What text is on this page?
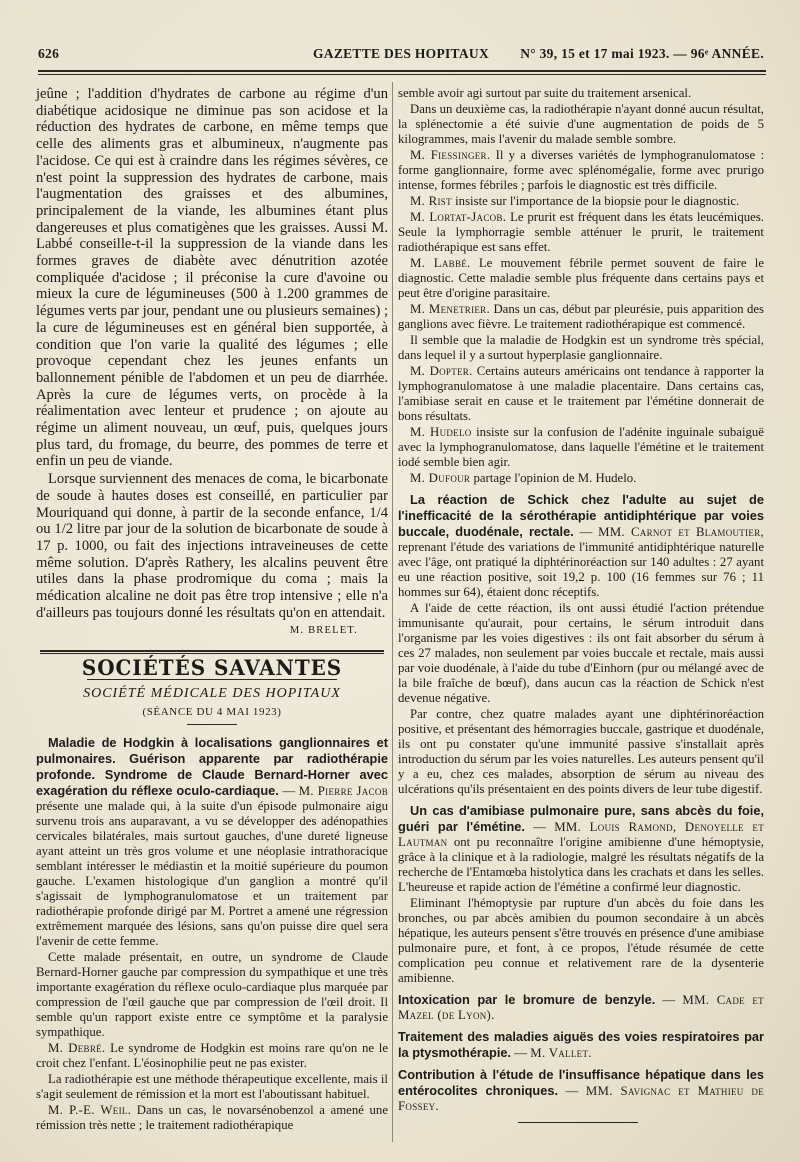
626	GAZETTE DES HOPITAUX	N° 39, 15 et 17 mai 1923. — 96ᵉ ANNÉE.

jeûne ; l'addition d'hydrates de carbone au régime d'un diabétique acidosique ne diminue pas son acidose et la réduction des hydrates de carbone, en même temps que celle des aliments gras et albumineux, n'augmente pas l'acidose. Ce qui est à craindre dans les régimes sévères, ce n'est point la suppression des hydrates de carbone, mais l'augmentation des graisses et des albumines, principalement de la viande, les albumines étant plus dangereuses et plus comatigènes que les graisses. Aussi M. Labbé conseille-t-il la suppression de la viande dans les formes graves de diabète avec dénutrition azotée compliquée d'acidose ; il préconise la cure d'avoine ou mieux la cure de légumineuses (500 à 1.200 grammes de légumes verts par jour, pendant une ou plusieurs semaines) ; la cure de légumineuses est en général bien supportée, à condition que l'on varie la qualité des légumes ; elle provoque cependant chez les jeunes enfants un ballonnement pénible de l'abdomen et un peu de diarrhée. Après la cure de légumes verts, on procède à la réalimentation avec lenteur et prudence ; on ajoute au régime un aliment nouveau, un œuf, puis, quelques jours plus tard, du fromage, du beurre, des pommes de terre et enfin un peu de viande.

Lorsque surviennent des menaces de coma, le bicarbonate de soude à hautes doses est conseillé, en particulier par Mouriquand qui donne, à partir de la seconde enfance, 1/4 ou 1/2 litre par jour de la solution de bicarbonate de soude à 17 p. 1000, ou fait des injections intraveineuses de cette même solution. D'après Rathery, les alcalins peuvent être utiles dans la phase prodromique du coma ; mais la médication alcaline ne doit pas être trop intensive ; elle n'a d'ailleurs pas toujours donné les résultats qu'on en attendait.

M. BRELET.
SOCIÉTÉS SAVANTES
SOCIÉTÉ MÉDICALE DES HOPITAUX
(SÉANCE DU 4 MAI 1923)

Maladie de Hodgkin à localisations ganglionnaires et pulmonaires. Guérison apparente par radiothérapie profonde. Syndrome de Claude Bernard-Horner avec exagération du réflexe oculo-cardiaque. — M. Pierre Jacob présente une malade qui, à la suite d'un épisode pulmonaire aigu survenu trois ans auparavant, a vu se développer des adénopathies cervicales bilatérales, mais surtout gauches, d'une dureté ligneuse ayant atteint un très gros volume et une néoplasie intrathoracique semblant intéresser le médiastin et la moitié supérieure du poumon gauche. L'examen histologique d'un ganglion a montré qu'il s'agissait de lymphogranulomatose et un traitement par radiothérapie profonde dirigé par M. Portret a amené une régression extrêmement marquée des lésions, sans qu'on puisse dire quel sera l'avenir de cette femme.

Cette malade présentait, en outre, un syndrome de Claude Bernard-Horner gauche par compression du sympathique et une très importante exagération du réflexe oculo-cardiaque plus marquée par compression de l'œil gauche que par compression de l'œil droit. Il semble qu'un rapport existe entre ce symptôme et la paralysie sympathique.

M. Debré. Le syndrome de Hodgkin est moins rare qu'on ne le croit chez l'enfant. L'éosinophilie peut ne pas exister.

La radiothérapie est une méthode thérapeutique excellente, mais il s'agit seulement de rémission et la mort est l'aboutissant habituel.

M. P.-E. Weil. Dans un cas, le novarsénobenzol a amené une rémission très nette ; le traitement radiothérapique

semble avoir agi surtout par suite du traitement arsenical.

Dans un deuxième cas, la radiothérapie n'ayant donné aucun résultat, la splénectomie a été suivie d'une augmentation de poids de 5 kilogrammes, mais l'avenir du malade semble sombre.

M. Fiessinger. Il y a diverses variétés de lymphogranulomatose : forme ganglionnaire, forme avec splénomégalie, forme avec prurigo intense, formes fébriles ; parfois le diagnostic est très difficile.

M. Rist insiste sur l'importance de la biopsie pour le diagnostic.

M. Lortat-Jacob. Le prurit est fréquent dans les états leucémiques. Seule la lymphorragie semble atténuer le prurit, le traitement radiothérapique est sans effet.

M. Labbé. Le mouvement fébrile permet souvent de faire le diagnostic. Cette maladie semble plus fréquente dans certains pays et peut être d'origine parasitaire.

M. Menetrier. Dans un cas, début par pleurésie, puis apparition des ganglions avec fièvre. Le traitement radiothérapique est commencé.

Il semble que la maladie de Hodgkin est un syndrome très spécial, dans lequel il y a surtout hyperplasie ganglionnaire.

M. Dopter. Certains auteurs américains ont tendance à rapporter la lymphogranulomatose à une maladie placentaire. Dans certains cas, l'amibiase serait en cause et le traitement par l'émétine donnerait de bons résultats.

M. Hudelo insiste sur la confusion de l'adénite inguinale subaiguë avec la lymphogranulomatose, dans laquelle l'émétine et le traitement iodé semble bien agir.

M. Dufour partage l'opinion de M. Hudelo.

La réaction de Schick chez l'adulte au sujet de l'inefficacité de la sérothérapie antidiphtérique par voies buccale, duodénale, rectale. — MM. Carnot et Blamoutier, reprenant l'étude des variations de l'immunité antidiphtérique naturelle avec l'âge, ont pratiqué la diphtérinoréaction sur 140 adultes : 27 ayant eu une réaction positive, soit 19,2 p. 100 (16 femmes sur 76 ; 11 hommes sur 64), étaient donc réceptifs.

A l'aide de cette réaction, ils ont aussi étudié l'action prétendue immunisante qu'aurait, pour certains, le sérum introduit dans l'organisme par les voies digestives : ils ont fait absorber du sérum à ces 27 malades, non seulement par voies buccale et rectale, mais aussi par voie duodénale, à l'aide du tube d'Einhorn (pur ou mélangé avec de la bile fraîche de bœuf), dans aucun cas la réaction de Schick n'est devenue négative.

Par contre, chez quatre malades ayant une diphtérinoréaction positive, et présentant des hémorragies buccale, gastrique et duodénale, ils ont pu constater qu'une immunité passive s'installait après introduction du sérum par les voies naturelles. Les auteurs pensent qu'il y a eu, chez ces malades, absorption de sérum au niveau des ulcérations qu'ils présentaient en des points divers de leur tube digestif.

Un cas d'amibiase pulmonaire pure, sans abcès du foie, guéri par l'émétine. — MM. Louis Ramond, Denoyelle et Lautman ont pu reconnaître l'origine amibienne d'une hémoptysie, grâce à la clinique et à la radiologie, malgré les résultats négatifs de la recherche de l'Entamœba histolytica dans les crachats et dans les selles. L'heureuse et rapide action de l'émétine a confirmé leur diagnostic.

Eliminant l'hémoptysie par rupture d'un abcès du foie dans les bronches, ou par abcès amibien du poumon secondaire à un abcès hépatique, les auteurs pensent s'être trouvés en présence d'une amibiase pulmonaire pure, et font, à ce propos, l'étude résumée de cette complication peu connue et relativement rare de la dysenterie amibienne.

Intoxication par le bromure de benzyle. — MM. Cade et Mazel (de Lyon).

Traitement des maladies aiguës des voies respiratoires par la ptysmothérapie. — M. Vallet.

Contribution à l'étude de l'insuffisance hépatique dans les entérocolites chroniques. — MM. Savignac et Mathieu de Fossey.
